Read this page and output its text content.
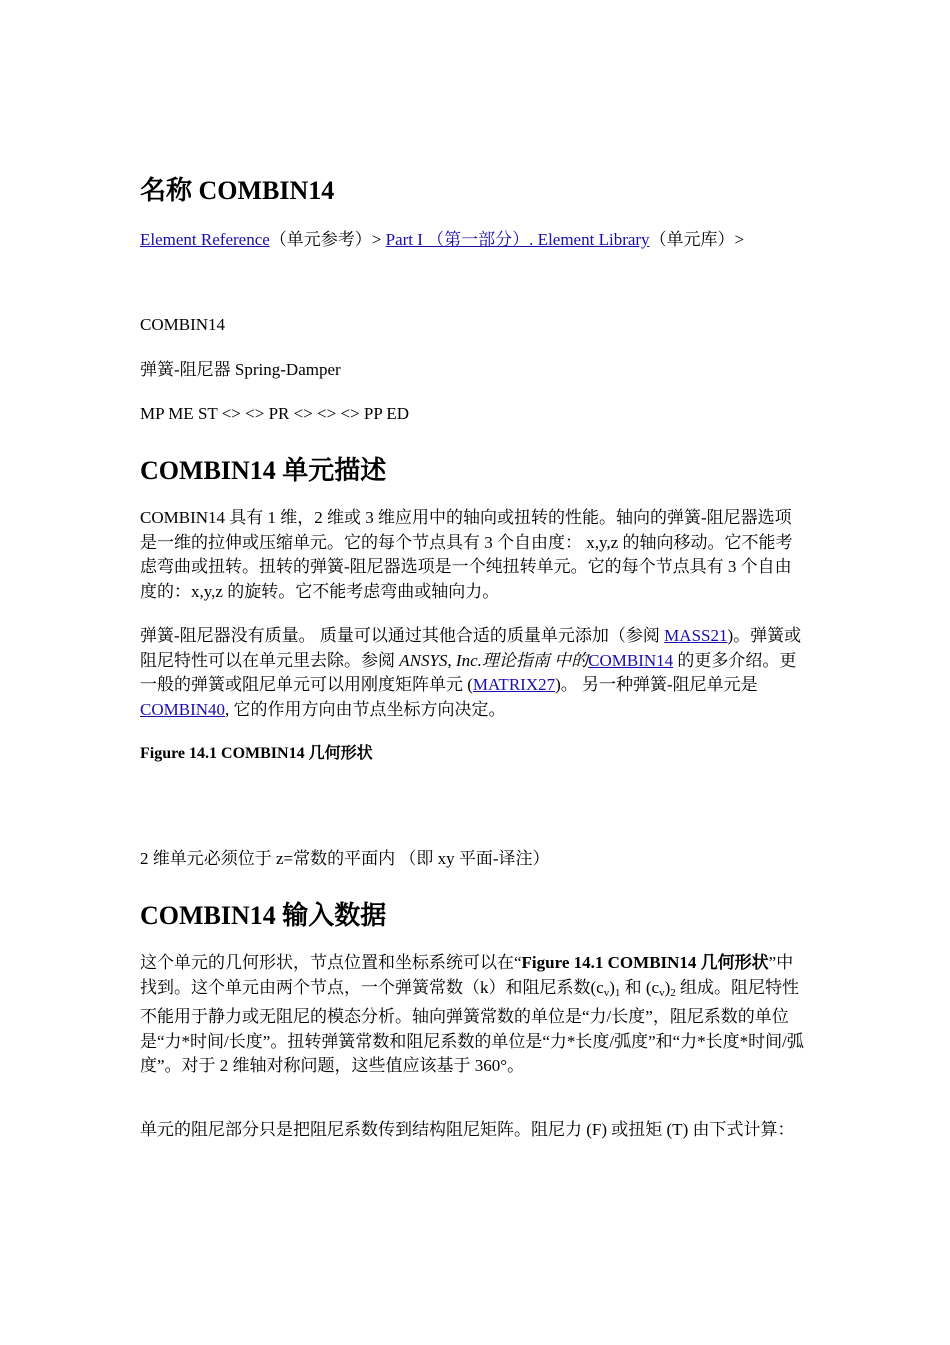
名称 COMBIN14

Element Reference（单元参考）> Part I （第一部分）. Element Library（单元库）>

COMBIN14

弹簧-阻尼器 Spring-Damper

MP ME ST <> <> PR <> <> <> PP ED

COMBIN14 单元描述

COMBIN14 具有 1 维，2 维或 3 维应用中的轴向或扭转的性能。轴向的弹簧-阻尼器选项是一维的拉伸或压缩单元。它的每个节点具有 3 个自由度： x,y,z 的轴向移动。它不能考虑弯曲或扭转。扭转的弹簧-阻尼器选项是一个纯扭转单元。它的每个节点具有 3 个自由度的：x,y,z 的旋转。它不能考虑弯曲或轴向力。

弹簧-阻尼器没有质量。 质量可以通过其他合适的质量单元添加（参阅 MASS21)。弹簧或阻尼特性可以在单元里去除。参阅 ANSYS, Inc.理论指南 中的COMBIN14 的更多介绍。更一般的弹簧或阻尼单元可以用刚度矩阵单元 (MATRIX27)。 另一种弹簧-阻尼单元是 COMBIN40, 它的作用方向由节点坐标方向决定。

Figure 14.1 COMBIN14 几何形状

2 维单元必须位于 z=常数的平面内 （即 xy 平面-译注）

COMBIN14 输入数据

这个单元的几何形状，节点位置和坐标系统可以在“Figure 14.1 COMBIN14 几何形状”中找到。这个单元由两个节点，一个弹簧常数（k）和阻尼系数$(c_v)_1$ 和 $(c_v)_2$ 组成。阻尼特性不能用于静力或无阻尼的模态分析。轴向弹簧常数的单位是“力/长度”，阻尼系数的单位是“力*时间/长度”。扭转弹簧常数和阻尼系数的单位是“力*长度/弧度”和“力*长度*时间/弧度”。对于 2 维轴对称问题，这些值应该基于 360°。

单元的阻尼部分只是把阻尼系数传到结构阻尼矩阵。阻尼力 (F) 或扭矩 (T) 由下式计算：
